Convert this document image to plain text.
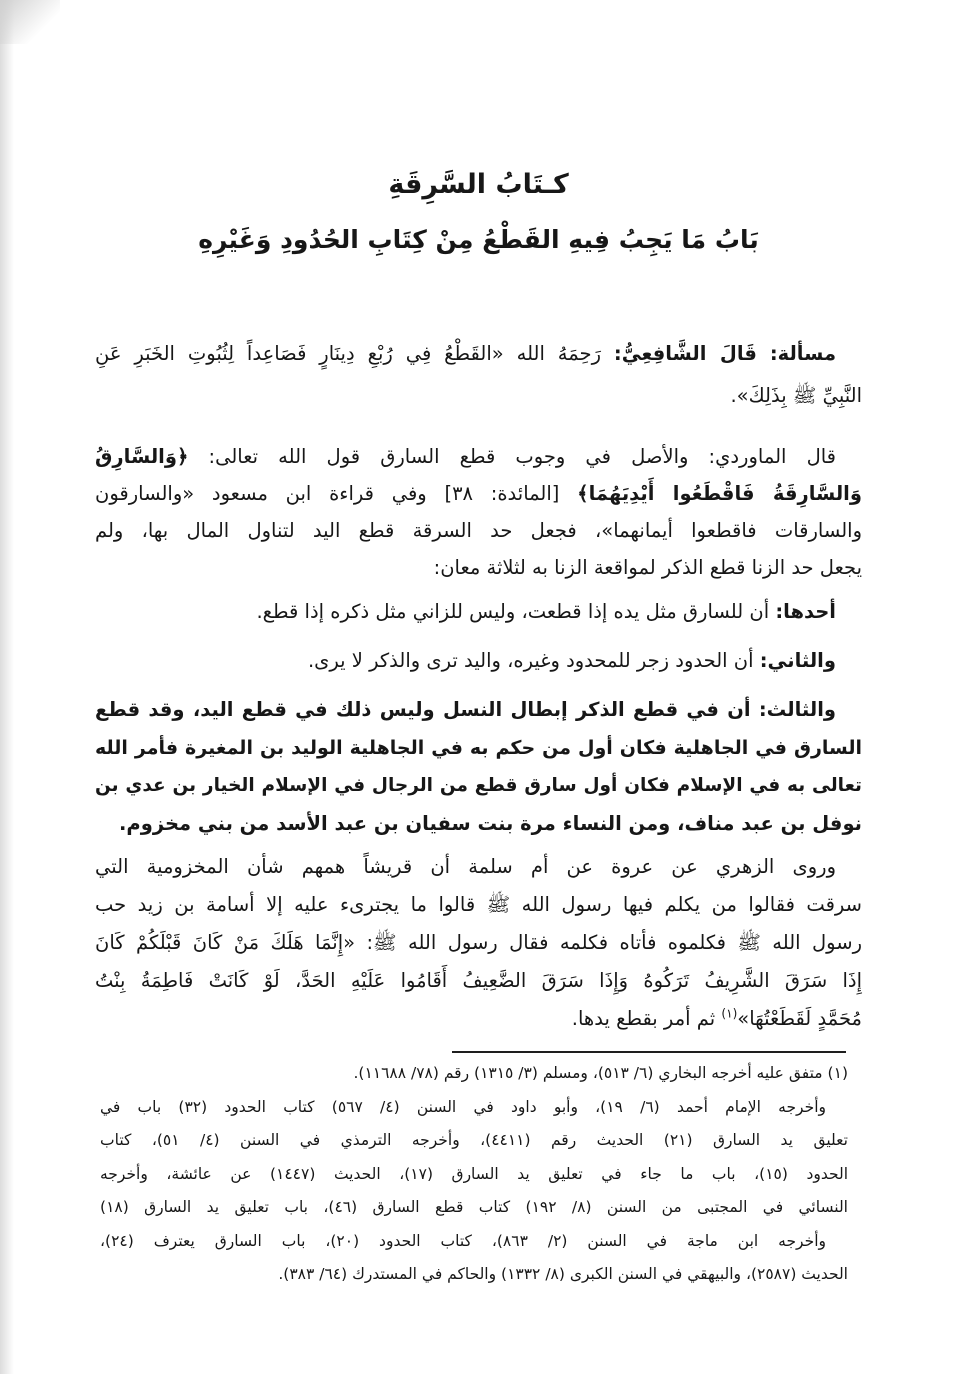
كـتَابُ السَّرِقَةِ
بَابُ مَا يَجِبُ فِيهِ القَطْعُ مِنْ كِتَابِ الحُدُودِ وَغَيْرِهِ
مسألة: قَالَ الشَّافِعِيُّ: رَحِمَهُ الله «القَطْعُ فِي رُبْعِ دِينَارٍ فَصَاعِداً لِثُبُوتِ الخَبَرِ عَنِ
النَّبِيِّ ﷺ بِذَلِكَ».
قال الماوردي: والأصل في وجوب قطع السارق قول الله تعالى: ﴿وَالسَّارِقُ
وَالسَّارِقَةُ فَاقْطَعُوا أَيْدِيَهُمَا﴾ [المائدة: ٣٨] وفي قراءة ابن مسعود «والسارقون
والسارقات فاقطعوا أيمانهما»، فجعل حد السرقة قطع اليد لتناول المال بها، ولم
يجعل حد الزنا قطع الذكر لمواقعة الزنا به لثلاثة معان:
أحدها: أن للسارق مثل يده إذا قطعت، وليس للزاني مثل ذكره إذا قطع.
والثاني: أن الحدود زجر للمحدود وغيره، واليد ترى والذكر لا يرى.
والثالث: أن في قطع الذكر إبطال النسل وليس ذلك في قطع اليد، وقد قطع
السارق في الجاهلية فكان أول من حكم به في الجاهلية الوليد بن المغيرة فأمر الله
تعالى به في الإسلام فكان أول سارق قطع من الرجال في الإسلام الخيار بن عدي بن
نوفل بن عبد مناف، ومن النساء مرة بنت سفيان بن عبد الأسد من بني مخزوم.
وروى الزهري عن عروة عن أم سلمة أن قريشاً همهم شأن المخزومية التي
سرقت فقالوا من يكلم فيها رسول الله ﷺ قالوا ما يجترىء عليه إلا أسامة بن زيد حب
رسول الله ﷺ فكلموه فأتاه فكلمه فقال رسول الله ﷺ: «إِنَّمَا هَلَكَ مَنْ كَانَ قَبْلَكُمْ كَانَ
إِذَا سَرَقَ الشَّرِيفُ تَرَكُوهُ وَإِذَا سَرَقَ الضَّعِيفُ أَقَامُوا عَلَيْهِ الحَدَّ، لَوْ كَانَتْ فَاطِمَةُ بِنْتُ
مُحَمَّدٍ لَقَطَعْتُهَا»$^{(١)}$ ثم أمر بقطع يدها.
(١) متفق عليه أخرجه البخاري (٦/ ٥١٣)، ومسلم (٣/ ١٣١٥) رقم (٧٨/ ١١٦٨٨).
وأخرجه الإمام أحمد (٦/ ١٩)، وأبو داود في السنن (٤/ ٥٦٧) كتاب الحدود (٣٢) باب في
تعليق يد السارق (٢١) الحديث رقم (٤٤١١)، وأخرجه الترمذي في السنن (٤/ ٥١)، كتاب
الحدود (١٥)، باب ما جاء في تعليق يد السارق (١٧)، الحديث (١٤٤٧) عن عائشة، وأخرجه
النسائي في المجتبى من السنن (٨/ ١٩٢) كتاب قطع السارق (٤٦)، باب تعليق يد السارق (١٨)
وأخرجه ابن ماجة في السنن (٢/ ٨٦٣)، كتاب الحدود (٢٠)، باب السارق يعترف (٢٤)،
الحديث (٢٥٨٧)، والبيهقي في السنن الكبرى (٨/ ١٣٣٢) والحاكم في المستدرك (٦٤/ ٣٨٣).
